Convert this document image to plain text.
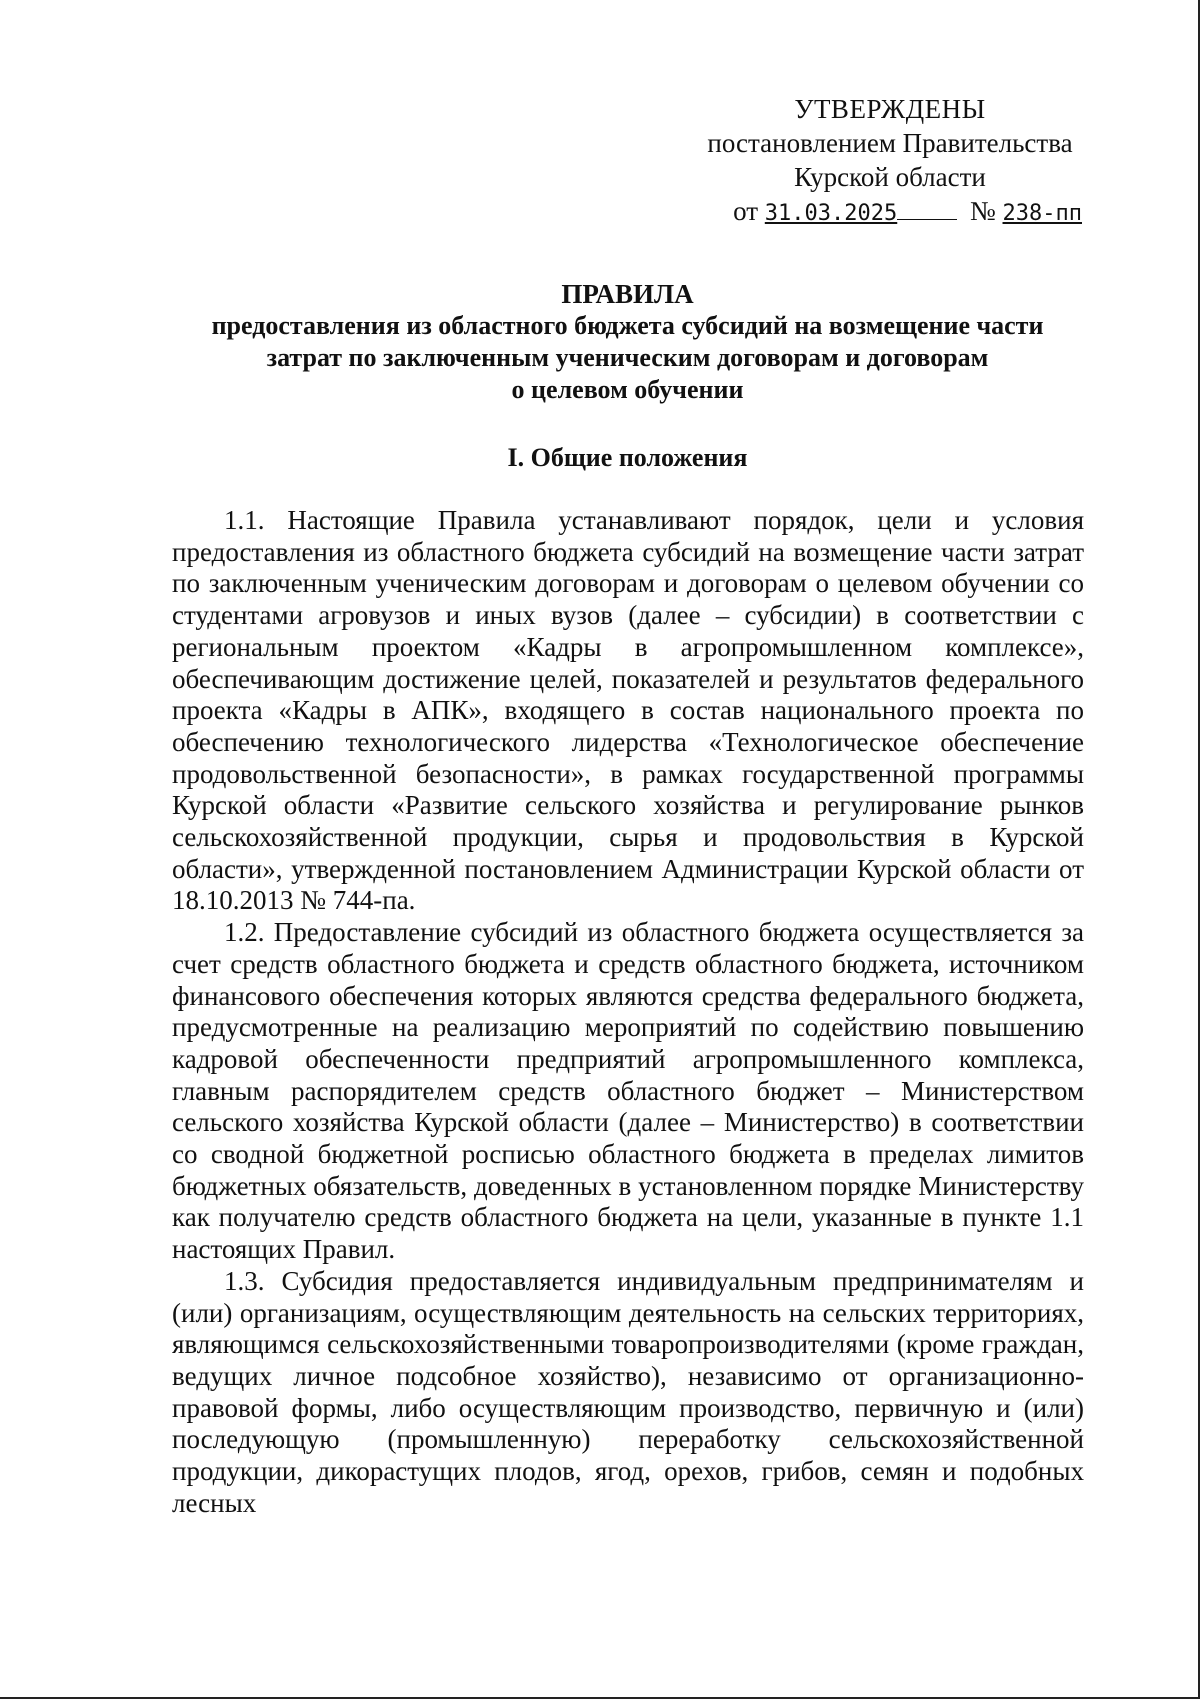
УТВЕРЖДЕНЫ
постановлением Правительства
Курской области
от 31.03.2025	№ 238-пп
ПРАВИЛА
предоставления из областного бюджета субсидий на возмещение части
затрат по заключенным ученическим договорам и договорам
о целевом обучении
I. Общие положения

1.1. Настоящие Правила устанавливают порядок, цели и условия предоставления из областного бюджета субсидий на возмещение части затрат по заключенным ученическим договорам и договорам о целевом обучении со студентами агровузов и иных вузов (далее – субсидии) в соответствии с региональным проектом «Кадры в агропромышленном комплексе», обеспечивающим достижение целей, показателей и результатов федерального проекта «Кадры в АПК», входящего в состав национального проекта по обеспечению технологического лидерства «Технологическое обеспечение продовольственной безопасности», в рамках государственной программы Курской области «Развитие сельского хозяйства и регулирование рынков сельскохозяйственной продукции, сырья и продовольствия в Курской области», утвержденной постановлением Администрации Курской области от 18.10.2013 № 744-па.

1.2. Предоставление субсидий из областного бюджета осуществляется за счет средств областного бюджета и средств областного бюджета, источником финансового обеспечения которых являются средства федерального бюджета, предусмотренные на реализацию мероприятий по содействию повышению кадровой обеспеченности предприятий агропромышленного комплекса, главным распорядителем средств областного бюджет – Министерством сельского хозяйства Курской области (далее – Министерство) в соответствии со сводной бюджетной росписью областного бюджета в пределах лимитов бюджетных обязательств, доведенных в установленном порядке Министерству как получателю средств областного бюджета на цели, указанные в пункте 1.1 настоящих Правил.

1.3. Субсидия предоставляется индивидуальным предпринимателям и (или) организациям, осуществляющим деятельность на сельских территориях, являющимся сельскохозяйственными товаропроизводителями (кроме граждан, ведущих личное подсобное хозяйство), независимо от организационно-правовой формы, либо осуществляющим производство, первичную и (или) последующую (промышленную) переработку сельскохозяйственной продукции, дикорастущих плодов, ягод, орехов, грибов, семян и подобных лесных
